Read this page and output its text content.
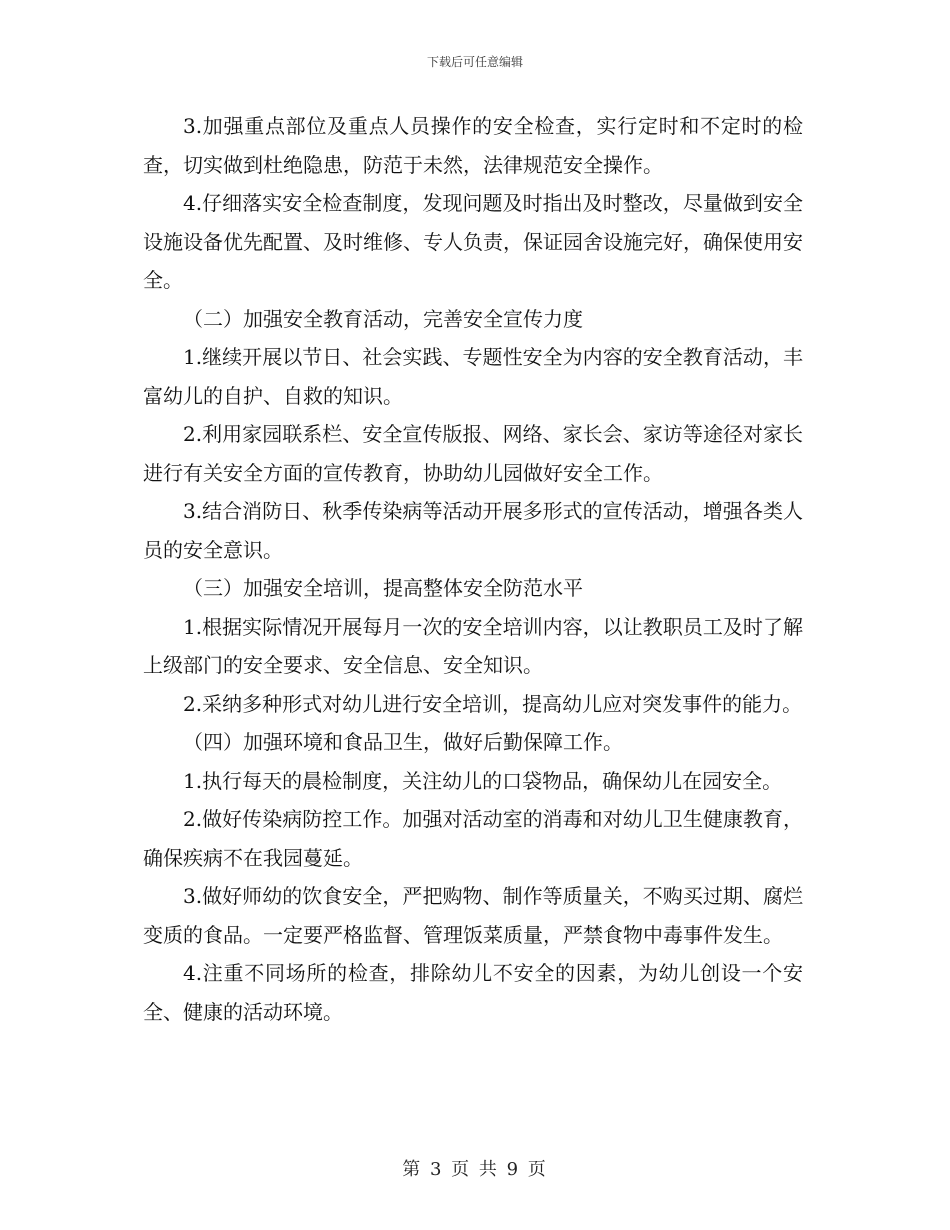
下载后可任意编辑

3.加强重点部位及重点人员操作的安全检查，实行定时和不定时的检查，切实做到杜绝隐患，防范于未然，法律规范安全操作。

4.仔细落实安全检查制度，发现问题及时指出及时整改，尽量做到安全设施设备优先配置、及时维修、专人负责，保证园舍设施完好，确保使用安全。

（二）加强安全教育活动，完善安全宣传力度

1.继续开展以节日、社会实践、专题性安全为内容的安全教育活动，丰富幼儿的自护、自救的知识。

2.利用家园联系栏、安全宣传版报、网络、家长会、家访等途径对家长进行有关安全方面的宣传教育，协助幼儿园做好安全工作。

3.结合消防日、秋季传染病等活动开展多形式的宣传活动，增强各类人员的安全意识。

（三）加强安全培训，提高整体安全防范水平

1.根据实际情况开展每月一次的安全培训内容，以让教职员工及时了解上级部门的安全要求、安全信息、安全知识。

2.采纳多种形式对幼儿进行安全培训，提高幼儿应对突发事件的能力。

（四）加强环境和食品卫生，做好后勤保障工作。

1.执行每天的晨检制度，关注幼儿的口袋物品，确保幼儿在园安全。

2.做好传染病防控工作。加强对活动室的消毒和对幼儿卫生健康教育，确保疾病不在我园蔓延。

3.做好师幼的饮食安全，严把购物、制作等质量关，不购买过期、腐烂变质的食品。一定要严格监督、管理饭菜质量，严禁食物中毒事件发生。

4.注重不同场所的检查，排除幼儿不安全的因素，为幼儿创设一个安全、健康的活动环境。

第 3 页 共 9 页
